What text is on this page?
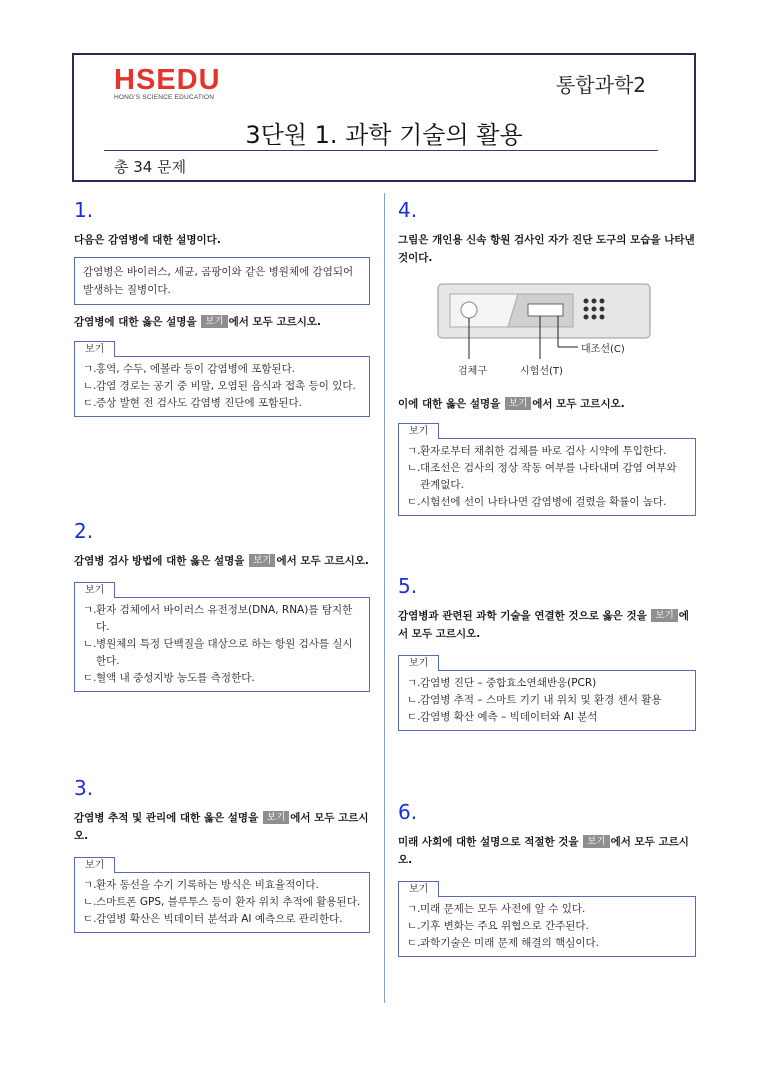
HSEDU
HONG'S SCIENCE EDUCATION
통합과학2
3단원 1. 과학 기술의 활용
총 34 문제
1.
다음은 감염병에 대한 설명이다.
감염병은 바이러스, 세균, 곰팡이와 같은 병원체에 감염되어 발생하는 질병이다.
감염병에 대한 옳은 설명을 보기 에서 모두 고르시오.
보기
ㄱ. 홍역, 수두, 에볼라 등이 감염병에 포함된다.
ㄴ. 감염 경로는 공기 중 비말, 오염된 음식과 접촉 등이 있다.
ㄷ. 증상 발현 전 검사도 감염병 진단에 포함된다.
2.
감염병 검사 방법에 대한 옳은 설명을 보기 에서 모두 고르시오.
보기
ㄱ. 환자 검체에서 바이러스 유전정보(DNA, RNA)를 탐지한다.
ㄴ. 병원체의 특정 단백질을 대상으로 하는 항원 검사를 실시한다.
ㄷ. 혈액 내 중성지방 농도를 측정한다.
3.
감염병 추적 및 관리에 대한 옳은 설명을 보기 에서 모두 고르시오.
보기
ㄱ. 환자 동선을 수기 기록하는 방식은 비효율적이다.
ㄴ. 스마트폰 GPS, 블루투스 등이 환자 위치 추적에 활용된다.
ㄷ. 감염병 확산은 빅데이터 분석과 AI 예측으로 관리한다.
4.
그림은 개인용 신속 항원 검사인 자가 진단 도구의 모습을 나타낸 것이다.
검체구	시험선(T)
대조선(C)
이에 대한 옳은 설명을 보기 에서 모두 고르시오.
보기
ㄱ. 환자로부터 채취한 검체를 바로 검사 시약에 투입한다.
ㄴ. 대조선은 검사의 정상 작동 여부를 나타내며 감염 여부와 관계없다.
ㄷ. 시험선에 선이 나타나면 감염병에 걸렸을 확률이 높다.
5.
감염병과 관련된 과학 기술을 연결한 것으로 옳은 것을 보기 에서 모두 고르시오.
보기
ㄱ. 감염병 진단 – 중합효소연쇄반응(PCR)
ㄴ. 감염병 추적 – 스마트 기기 내 위치 및 환경 센서 활용
ㄷ. 감염병 확산 예측 – 빅데이터와 AI 분석
6.
미래 사회에 대한 설명으로 적절한 것을 보기 에서 모두 고르시오.
보기
ㄱ. 미래 문제는 모두 사전에 알 수 있다.
ㄴ. 기후 변화는 주요 위협으로 간주된다.
ㄷ. 과학기술은 미래 문제 해결의 핵심이다.
